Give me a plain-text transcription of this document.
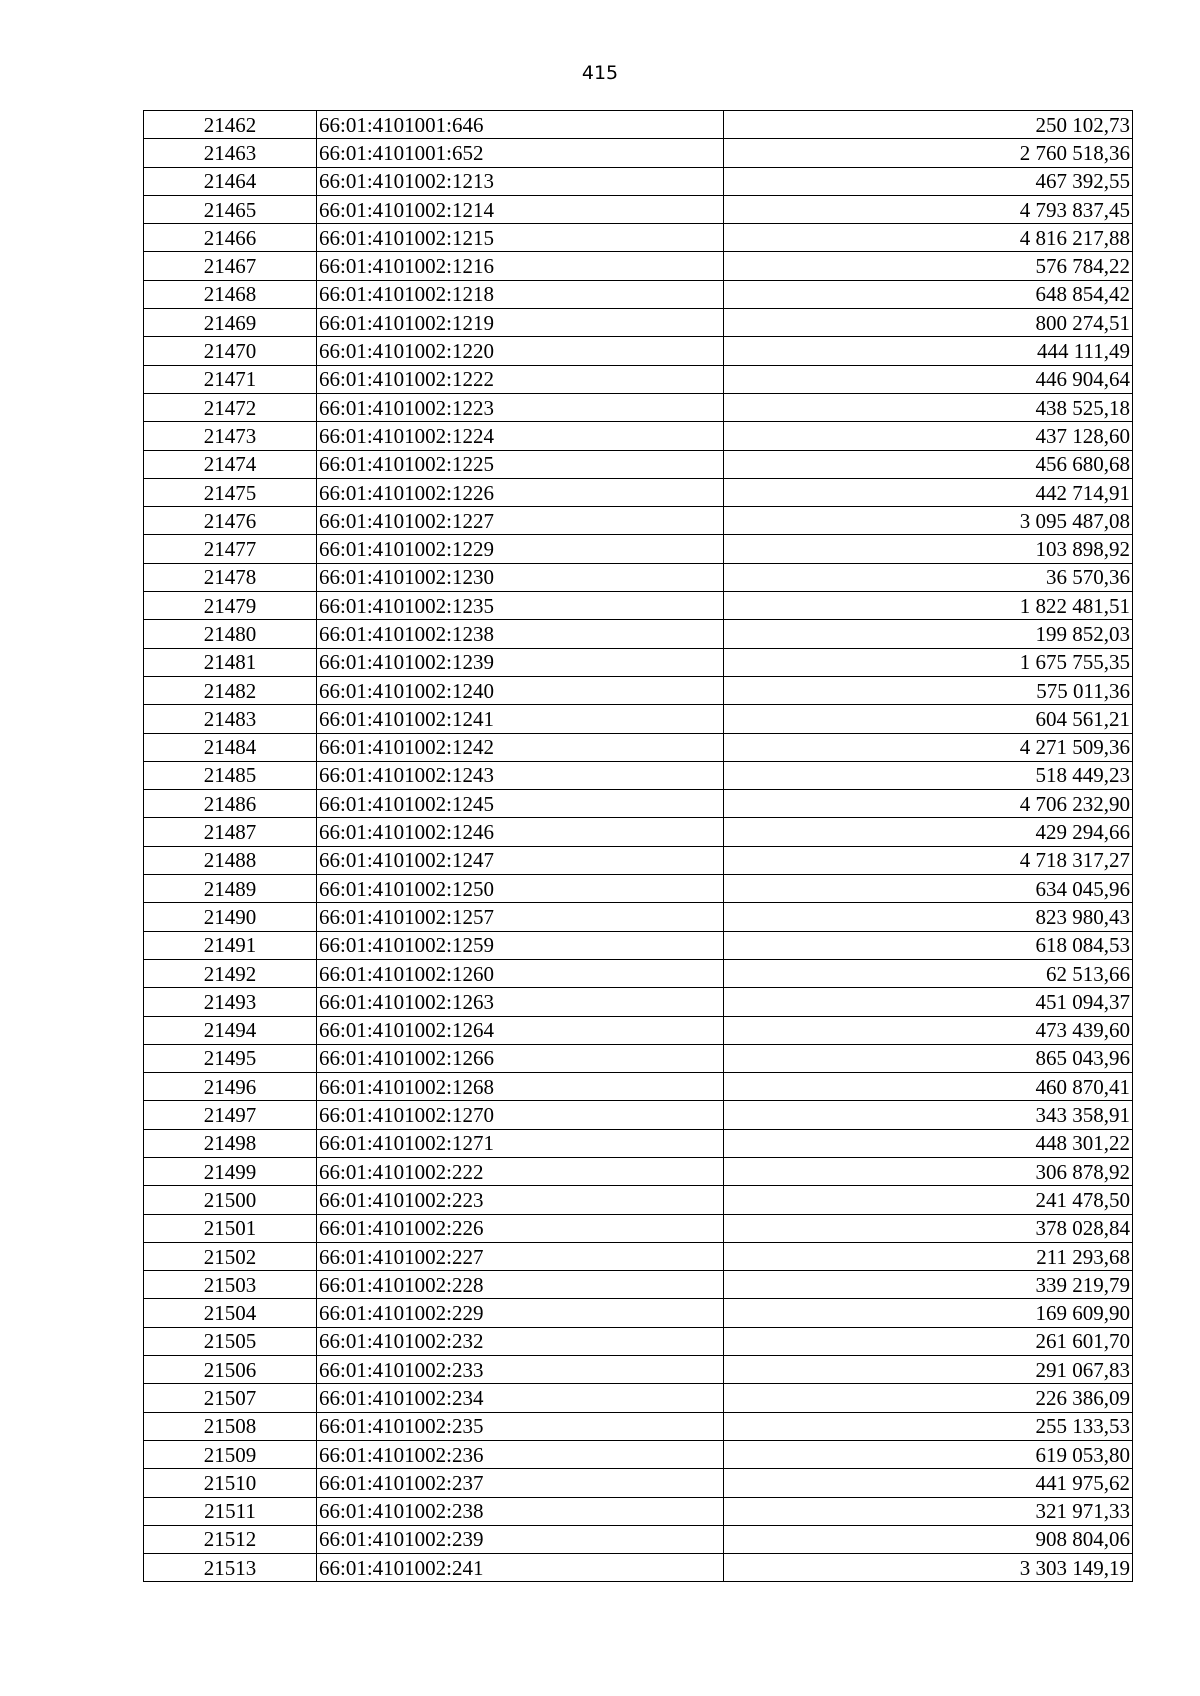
415
21462	66:01:4101001:646	250 102,73
21463	66:01:4101001:652	2 760 518,36
21464	66:01:4101002:1213	467 392,55
21465	66:01:4101002:1214	4 793 837,45
21466	66:01:4101002:1215	4 816 217,88
21467	66:01:4101002:1216	576 784,22
21468	66:01:4101002:1218	648 854,42
21469	66:01:4101002:1219	800 274,51
21470	66:01:4101002:1220	444 111,49
21471	66:01:4101002:1222	446 904,64
21472	66:01:4101002:1223	438 525,18
21473	66:01:4101002:1224	437 128,60
21474	66:01:4101002:1225	456 680,68
21475	66:01:4101002:1226	442 714,91
21476	66:01:4101002:1227	3 095 487,08
21477	66:01:4101002:1229	103 898,92
21478	66:01:4101002:1230	36 570,36
21479	66:01:4101002:1235	1 822 481,51
21480	66:01:4101002:1238	199 852,03
21481	66:01:4101002:1239	1 675 755,35
21482	66:01:4101002:1240	575 011,36
21483	66:01:4101002:1241	604 561,21
21484	66:01:4101002:1242	4 271 509,36
21485	66:01:4101002:1243	518 449,23
21486	66:01:4101002:1245	4 706 232,90
21487	66:01:4101002:1246	429 294,66
21488	66:01:4101002:1247	4 718 317,27
21489	66:01:4101002:1250	634 045,96
21490	66:01:4101002:1257	823 980,43
21491	66:01:4101002:1259	618 084,53
21492	66:01:4101002:1260	62 513,66
21493	66:01:4101002:1263	451 094,37
21494	66:01:4101002:1264	473 439,60
21495	66:01:4101002:1266	865 043,96
21496	66:01:4101002:1268	460 870,41
21497	66:01:4101002:1270	343 358,91
21498	66:01:4101002:1271	448 301,22
21499	66:01:4101002:222	306 878,92
21500	66:01:4101002:223	241 478,50
21501	66:01:4101002:226	378 028,84
21502	66:01:4101002:227	211 293,68
21503	66:01:4101002:228	339 219,79
21504	66:01:4101002:229	169 609,90
21505	66:01:4101002:232	261 601,70
21506	66:01:4101002:233	291 067,83
21507	66:01:4101002:234	226 386,09
21508	66:01:4101002:235	255 133,53
21509	66:01:4101002:236	619 053,80
21510	66:01:4101002:237	441 975,62
21511	66:01:4101002:238	321 971,33
21512	66:01:4101002:239	908 804,06
21513	66:01:4101002:241	3 303 149,19
